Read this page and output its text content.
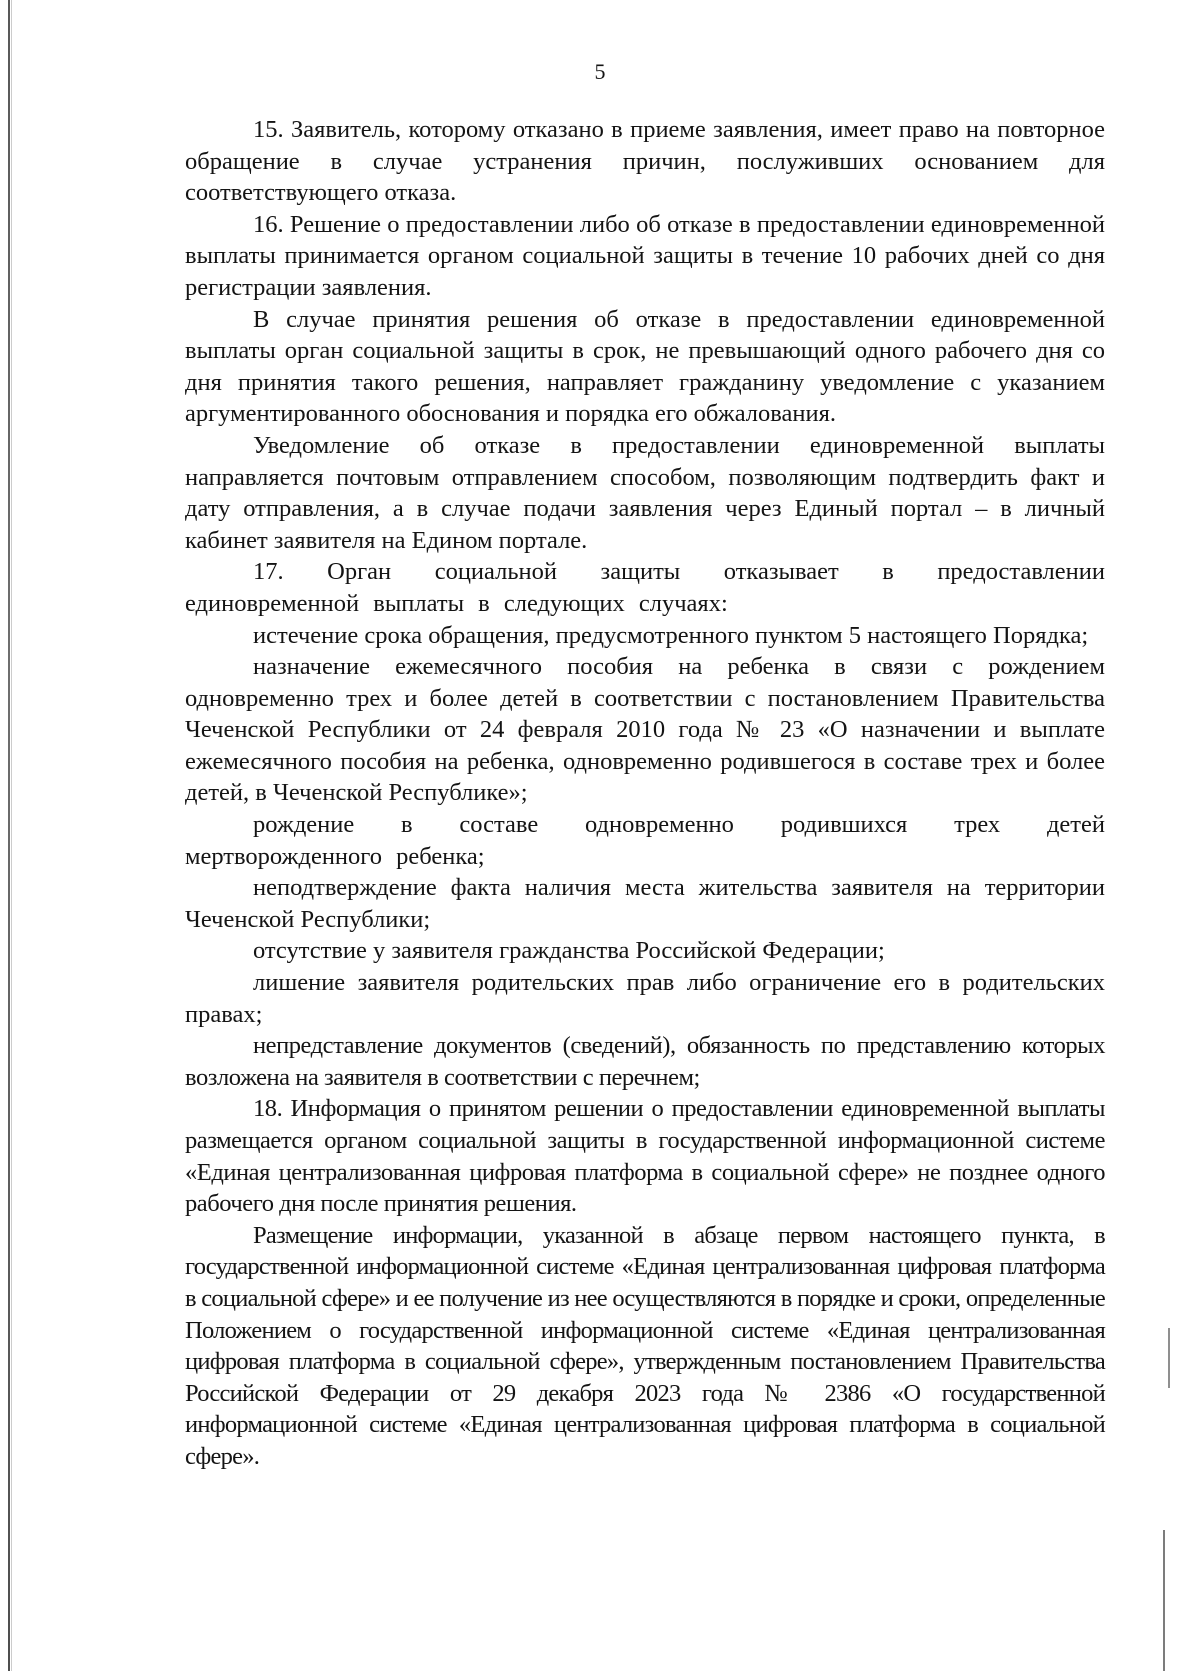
5

15. Заявитель, которому отказано в приеме заявления, имеет право на повторное обращение в случае устранения причин, послуживших основанием для соответствующего отказа.

16. Решение о предоставлении либо об отказе в предоставлении единовременной выплаты принимается органом социальной защиты в течение 10 рабочих дней со дня регистрации заявления.

В случае принятия решения об отказе в предоставлении единовременной выплаты орган социальной защиты в срок, не превышающий одного рабочего дня со дня принятия такого решения, направляет гражданину уведомление с указанием аргументированного обоснования и порядка его обжалования.

Уведомление об отказе в предоставлении единовременной выплаты направляется почтовым отправлением способом, позволяющим подтвердить факт и дату отправления, а в случае подачи заявления через Единый портал – в личный кабинет заявителя на Едином портале.

17. Орган социальной защиты отказывает в предоставлении единовременной выплаты в следующих случаях:

истечение срока обращения, предусмотренного пунктом 5 настоящего Порядка;

назначение ежемесячного пособия на ребенка в связи с рождением одновременно трех и более детей в соответствии с постановлением Правительства Чеченской Республики от 24 февраля 2010 года № 23 «О назначении и выплате ежемесячного пособия на ребенка, одновременно родившегося в составе трех и более детей, в Чеченской Республике»;

рождение в составе одновременно родившихся трех детей мертворожденного ребенка;

неподтверждение факта наличия места жительства заявителя на территории Чеченской Республики;

отсутствие у заявителя гражданства Российской Федерации;

лишение заявителя родительских прав либо ограничение его в родительских правах;

непредставление документов (сведений), обязанность по представлению которых возложена на заявителя в соответствии с перечнем;

18. Информация о принятом решении о предоставлении единовременной выплаты размещается органом социальной защиты в государственной информационной системе «Единая централизованная цифровая платформа в социальной сфере» не позднее одного рабочего дня после принятия решения.

Размещение информации, указанной в абзаце первом настоящего пункта, в государственной информационной системе «Единая централизованная цифровая платформа в социальной сфере» и ее получение из нее осуществляются в порядке и сроки, определенные Положением о государственной информационной системе «Единая централизованная цифровая платформа в социальной сфере», утвержденным постановлением Правительства Российской Федерации от 29 декабря 2023 года № 2386 «О государственной информационной системе «Единая централизованная цифровая платформа в социальной сфере».
